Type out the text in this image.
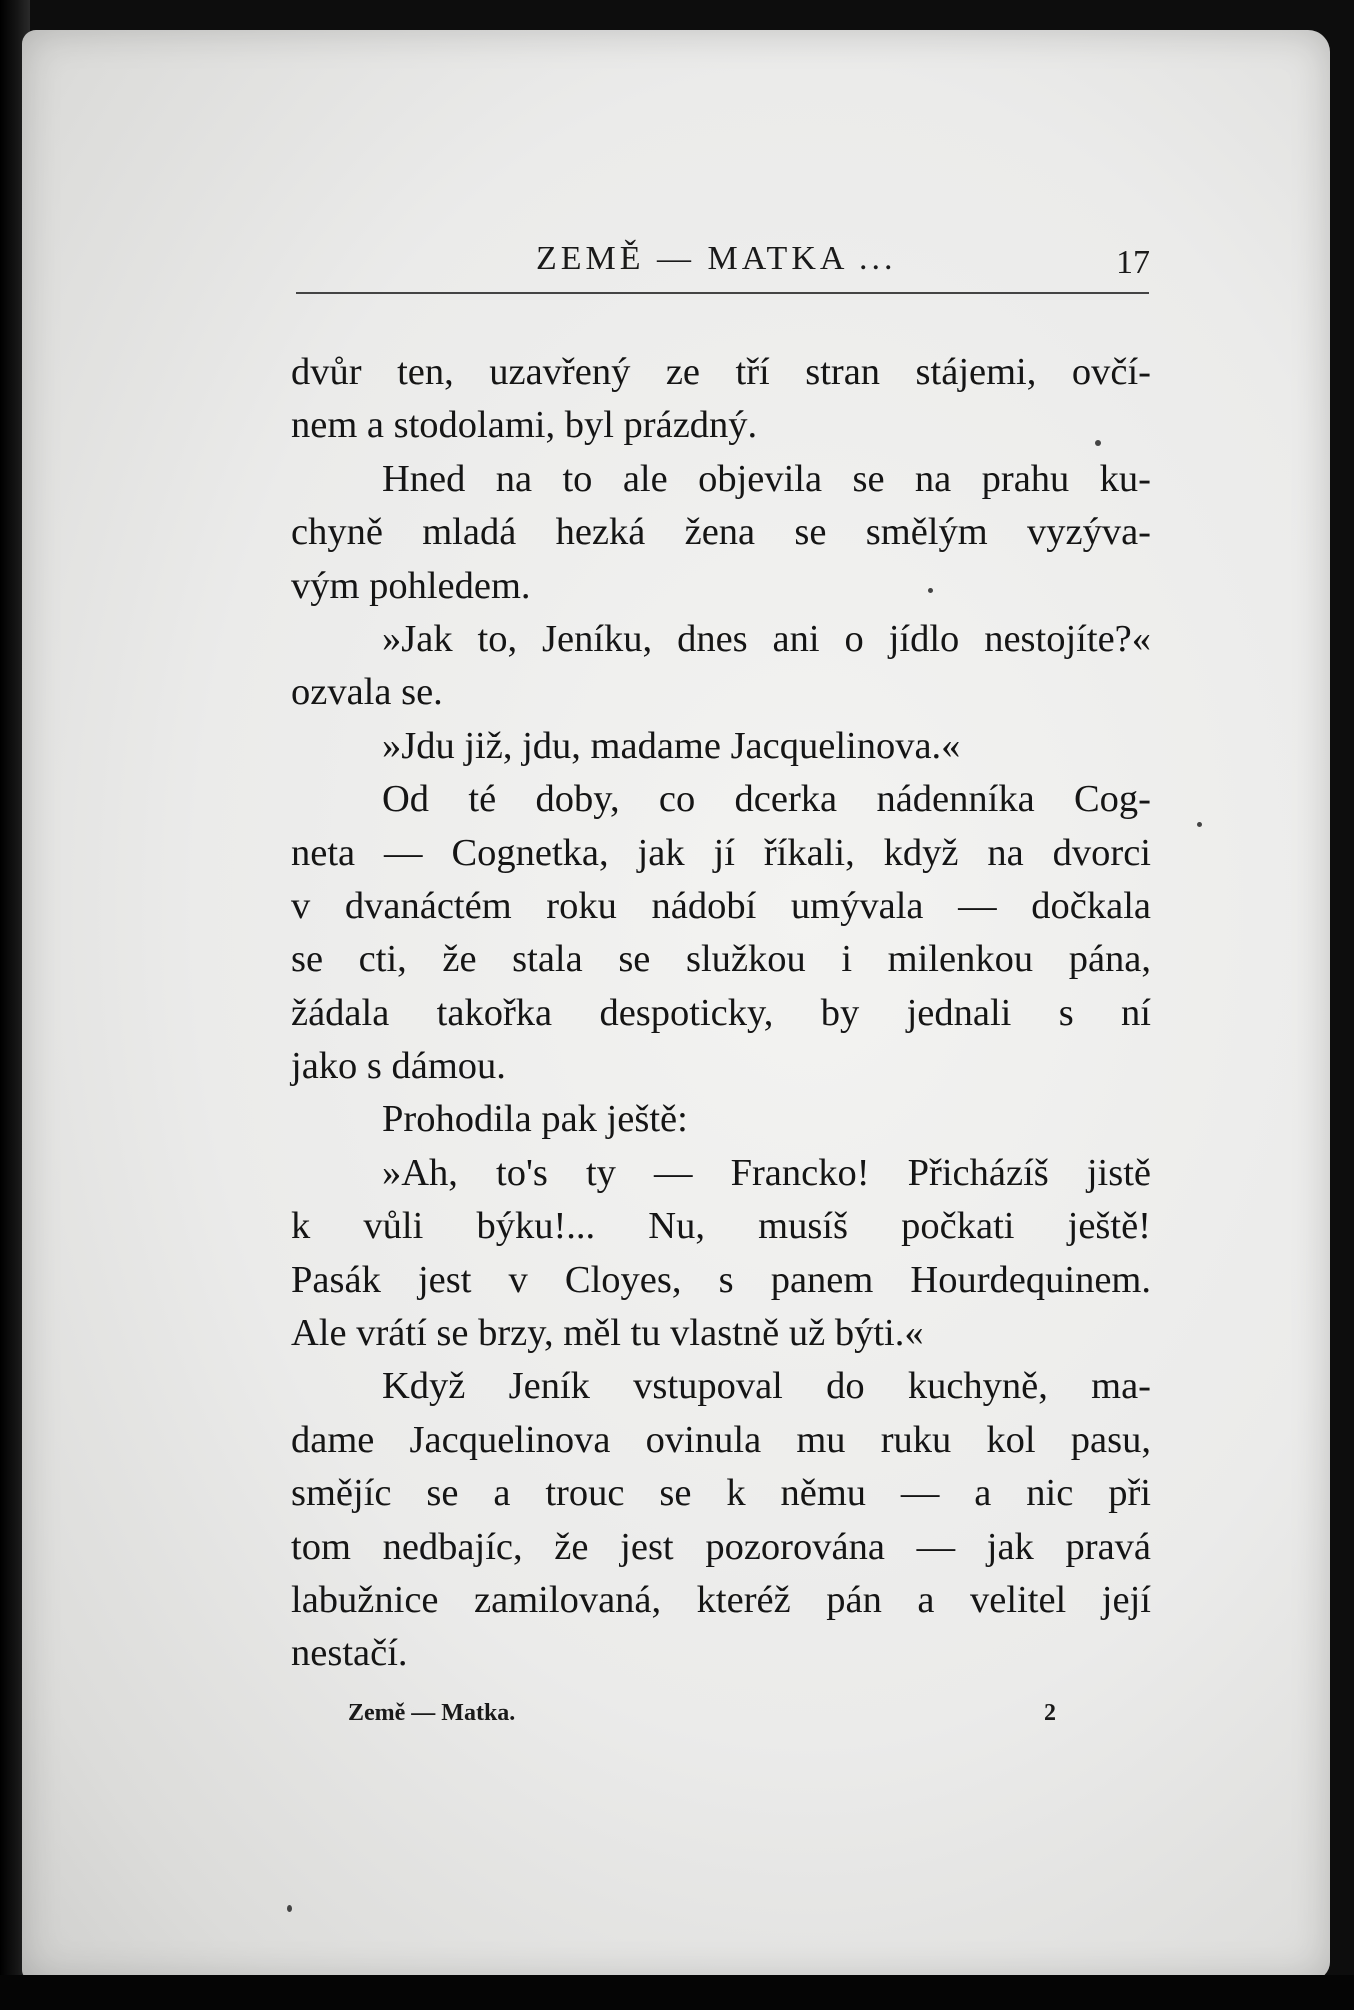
ZEMĚ — MATKA ...	17
dvůr ten, uzavřený ze tří stran stájemi, ovčí-
nem a stodolami, byl prázdný.
Hned na to ale objevila se na prahu ku-
chyně mladá hezká žena se smělým vyzýva-
vým pohledem.
»Jak to, Jeníku, dnes ani o jídlo nestojíte?«
ozvala se.
»Jdu již, jdu, madame Jacquelinova.«
Od té doby, co dcerka nádenníka Cog-
neta — Cognetka, jak jí říkali, když na dvorci
v dvanáctém roku nádobí umývala — dočkala
se cti, že stala se služkou i milenkou pána,
žádala takořka despoticky, by jednali s ní
jako s dámou.
Prohodila pak ještě:
»Ah, to's ty — Francko! Přicházíš jistě
k vůli býku!... Nu, musíš počkati ještě!
Pasák jest v Cloyes, s panem Hourdequinem.
Ale vrátí se brzy, měl tu vlastně už býti.«
Když Jeník vstupoval do kuchyně, ma-
dame Jacquelinova ovinula mu ruku kol pasu,
smějíc se a trouc se k němu — a nic při
tom nedbajíc, že jest pozorována — jak pravá
labužnice zamilovaná, kteréž pán a velitel její
nestačí.
Země — Matka.	2
